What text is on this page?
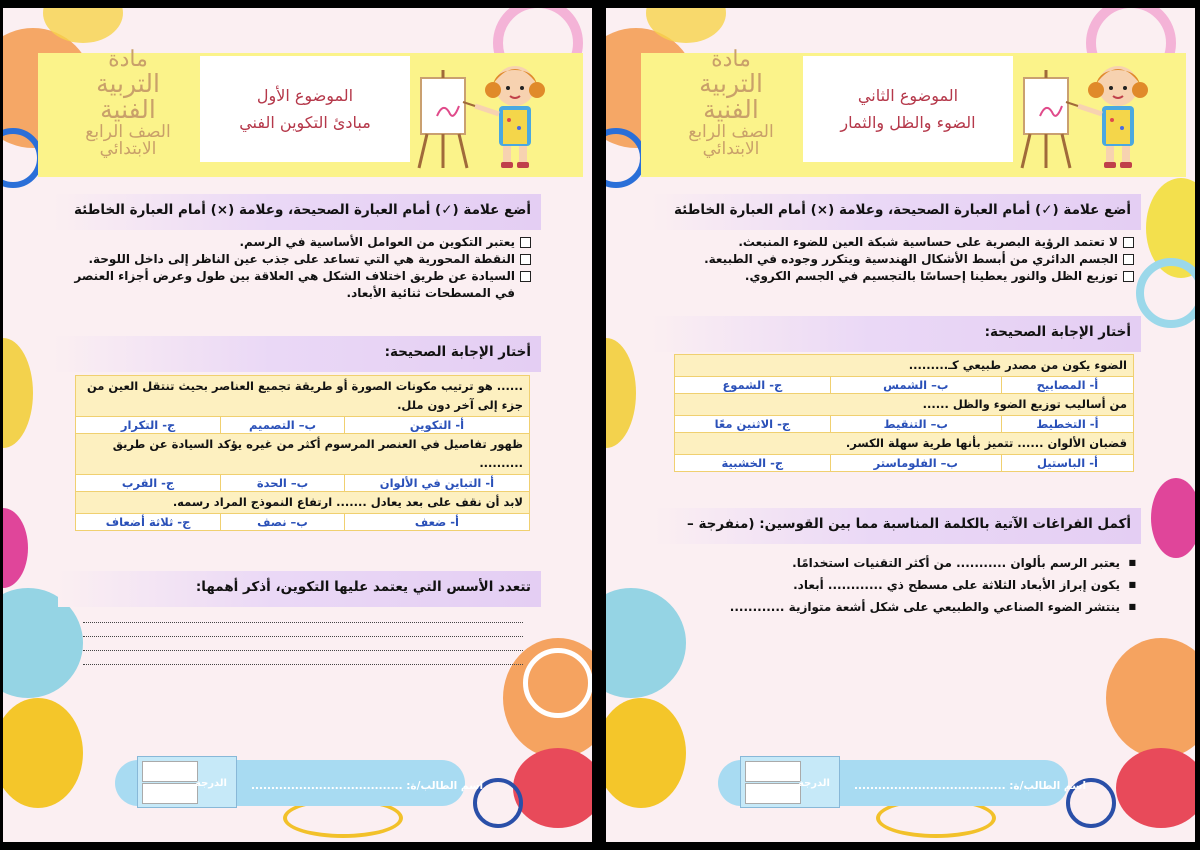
مادة
التربية
الفنية
الصف الرابع
الابتدائي
الموضوع الأول
مبادئ التكوين الفني
أضع علامة (✓) أمام العبارة الصحيحة، وعلامة (×) أمام العبارة الخاطئة
يعتبر التكوين من العوامل الأساسية في الرسم.
النقطة المحورية هي التي تساعد على جذب عين الناظر إلى داخل اللوحة.
السيادة عن طريق اختلاف الشكل هي العلاقة بين طول وعرض أجزاء العنصر في المسطحات ثنائية الأبعاد.
أختار الإجابة الصحيحة:
...... هو ترتيب مكونات الصورة أو طريقة تجميع العناصر بحيث تنتقل العين من جزء إلى آخر دون ملل.		
أ- التكوين	ب– التصميم	ج- التكرار
ظهور تفاصيل في العنصر المرسوم أكثر من غيره يؤكد السيادة عن طريق ..........		
أ- التباين في الألوان	ب– الحدة	ج- القرب
لابد أن نقف على بعد يعادل ....... ارتفاع النموذج المراد رسمه.		
أ- ضعف	ب– نصف	ج- ثلاثة أضعاف
تتعدد الأسس التي يعتمد عليها التكوين، أذكر أهمها:
الدرجة اسم الطالب/ة: ......................................
مادة
التربية
الفنية
الصف الرابع
الابتدائي
الموضوع الثاني
الضوء والظل والثمار
أضع علامة (✓) أمام العبارة الصحيحة، وعلامة (×) أمام العبارة الخاطئة
لا تعتمد الرؤية البصرية على حساسية شبكة العين للضوء المنبعث.
الجسم الدائري من أبسط الأشكال الهندسية ويتكرر وجوده في الطبيعة.
توزيع الظل والنور يعطينا إحساسًا بالتجسيم في الجسم الكروي.
أختار الإجابة الصحيحة:
الضوء يكون من مصدر طبيعي كـ.........		
أ- المصابيح	ب– الشمس	ج- الشموع
من أساليب توزيع الضوء والظل ......		
أ- التخطيط	ب– التنقيط	ج- الاثنين معًا
قضبان الألوان ...... تتميز بأنها طرية سهلة الكسر.		
أ- الباستيل	ب– الفلوماستر	ج- الخشبية
أكمل الفراغات الآتية بالكلمة المناسبة مما بين القوسين: (منفرجة –
■ يعتبر الرسم بألوان ........... من أكثر التقنيات استخدامًا.
■ يكون إبراز الأبعاد الثلاثة على مسطح ذي ............ أبعاد.
■ ينتشر الضوء الصناعي والطبيعي على شكل أشعة متوازية ............
الدرجة اسم الطالب/ة: ......................................
